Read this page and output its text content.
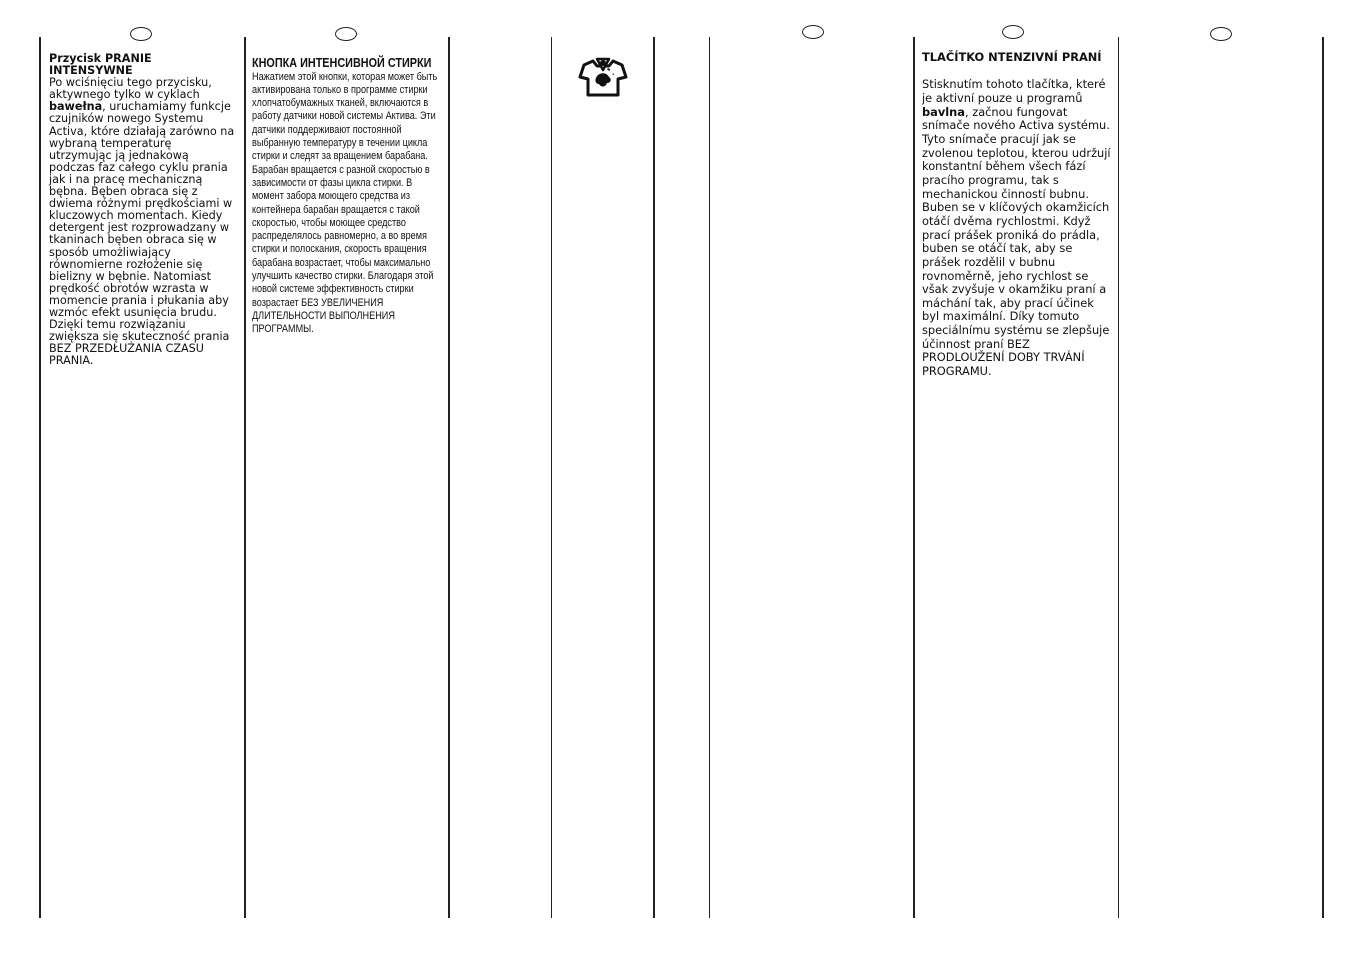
Przycisk PRANIE INTENSYWNE

Po wciśnięciu tego przycisku, aktywnego tylko w cyklach bawełna, uruchamiamy funkcje czujników nowego Systemu Activa, które działają zarówno na wybraną temperaturę utrzymując ją jednakową podczas faz całego cyklu prania jak i na pracę mechaniczną bębna. Bęben obraca się z dwiema różnymi prędkościami w kluczowych momentach. Kiedy detergent jest rozprowadzany w tkaninach bęben obraca się w sposób umożliwiający równomierne rozłożenie się bielizny w bębnie. Natomiast prędkość obrotów wzrasta w momencie prania i płukania aby wzmóc efekt usunięcia brudu.

Dzięki temu rozwiązaniu zwiększa się skuteczność prania BEZ PRZEDŁUŻANIA CZASU PRANIA.

КНОПКА ИНТЕНСИВНОЙ СТИРКИ

Нажатием этой кнопки, которая может быть активирована только в программе стирки хлопчатобумажных тканей, включаются в работу датчики новой системы Актива. Эти датчики поддерживают постоянной выбранную температуру в течении цикла стирки и следят за вращением барабана.

Барабан вращается с разной скоростью в зависимости от фазы цикла стирки. В момент забора моющего средства из контейнера барабан вращается с такой скоростью, чтобы моющее средство распределялось равномерно, а во время стирки и полоскания, скорость вращения барабана возрастает, чтобы максимально улучшить качество стирки. Благодаря этой новой системе эффективность стирки возрастает БЕЗ УВЕЛИЧЕНИЯ ДЛИТЕЛЬНОСТИ ВЫПОЛНЕНИЯ ПРОГРАММЫ.

TLAČÍTKO NTENZIVNÍ PRANÍ

Stisknutím tohoto tlačítka, které je aktivní pouze u programů bavlna, začnou fungovat snímače nového Activa systému. Tyto snímače pracují jak se zvolenou teplotou, kterou udržují konstantní během všech fází pracího programu, tak s mechanickou činností bubnu. Buben se v klíčových okamžicích otáčí dvěma rychlostmi. Když prací prášek proniká do prádla, buben se otáčí tak, aby se prášek rozdělil v bubnu rovnoměrně, jeho rychlost se však zvyšuje v okamžiku praní a máchání tak, aby prací účinek byl maximální. Díky tomuto speciálnímu systému se zlepšuje účinnost praní BEZ PRODLOUŽENÍ DOBY TRVÁNÍ PROGRAMU.
